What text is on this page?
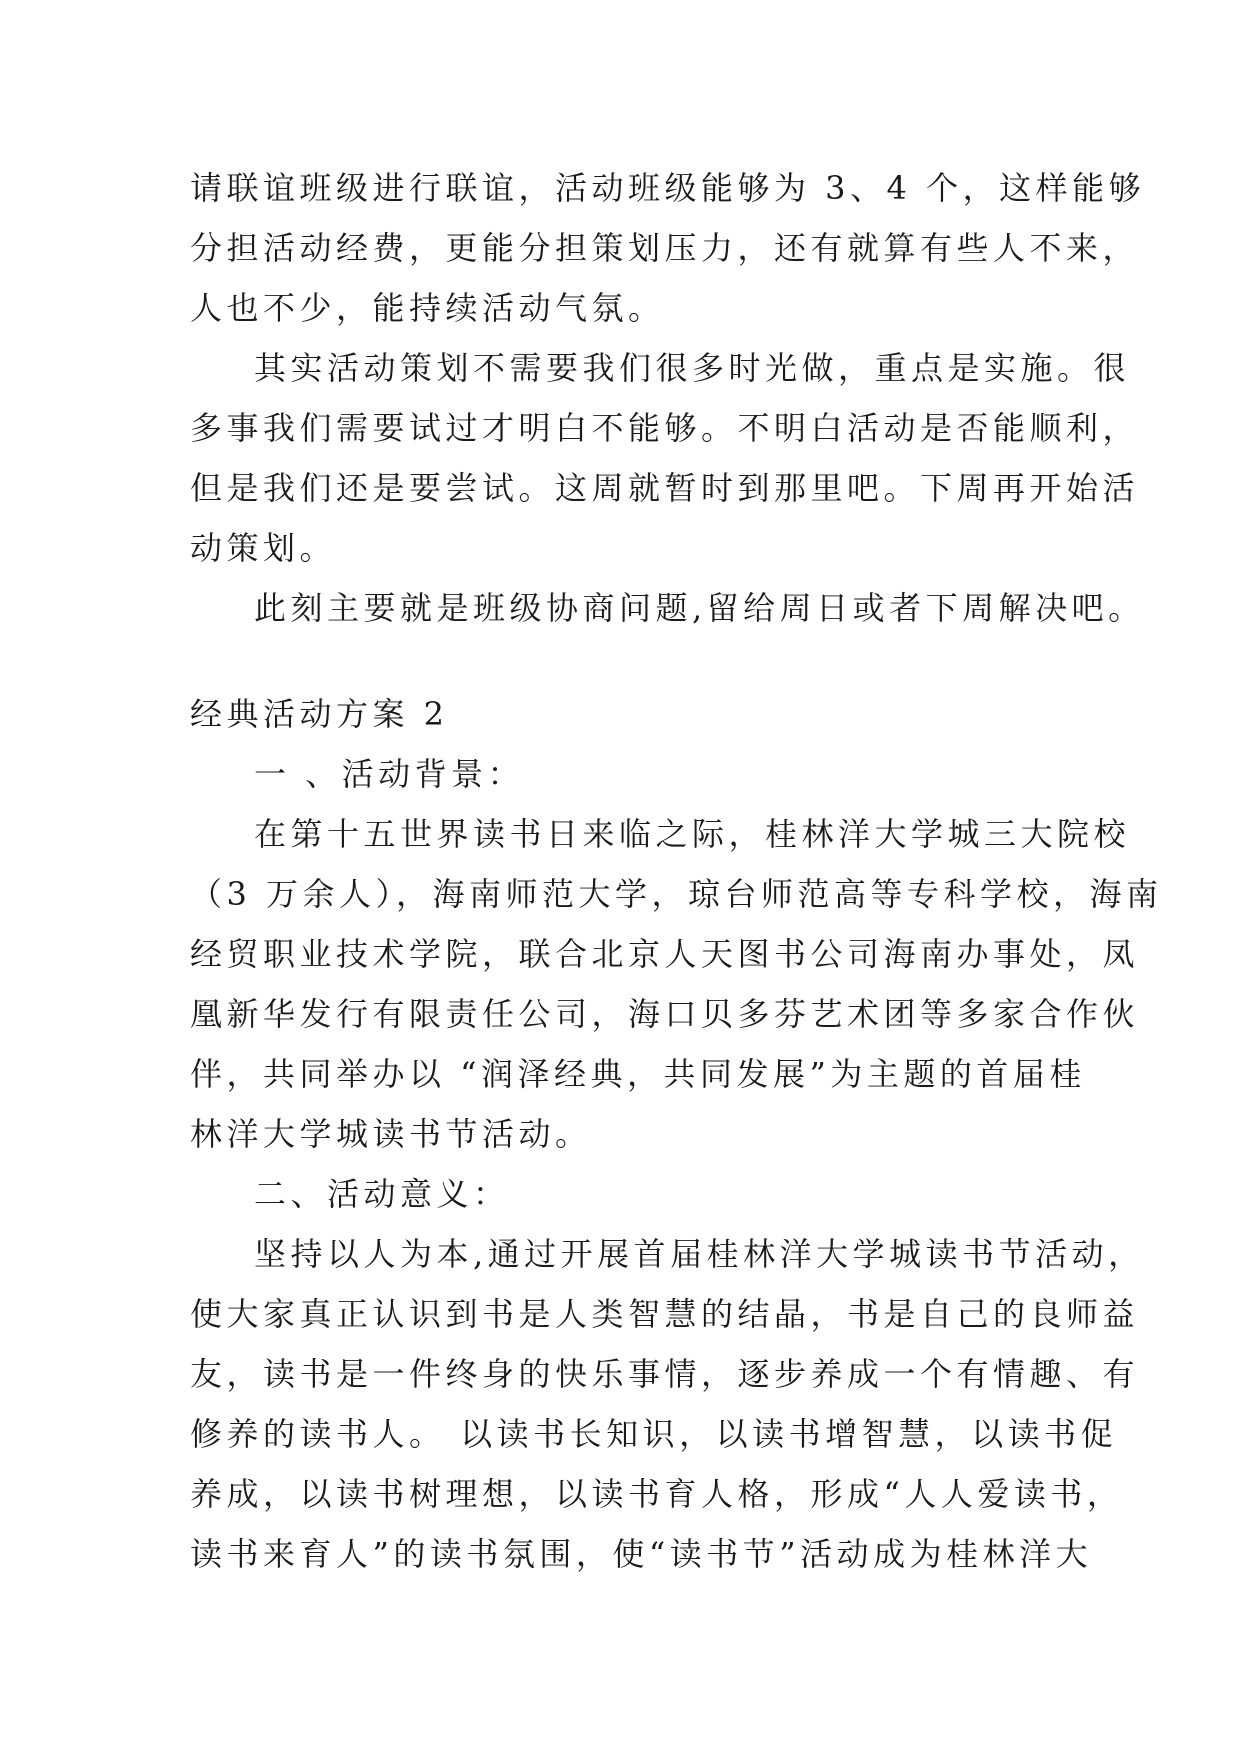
请联谊班级进行联谊，活动班级能够为 3、4 个，这样能够
分担活动经费，更能分担策划压力，还有就算有些人不来，
人也不少，能持续活动气氛。
其实活动策划不需要我们很多时光做，重点是实施。很
多事我们需要试过才明白不能够。不明白活动是否能顺利，
但是我们还是要尝试。这周就暂时到那里吧。下周再开始活
动策划。
此刻主要就是班级协商问题,留给周日或者下周解决吧。
经典活动方案 2
一 、活动背景：
在第十五世界读书日来临之际，桂林洋大学城三大院校
（3 万余人），海南师范大学，琼台师范高等专科学校，海南
经贸职业技术学院，联合北京人天图书公司海南办事处，凤
凰新华发行有限责任公司，海口贝多芬艺术团等多家合作伙
伴，共同举办以 “润泽经典，共同发展”为主题的首届桂
林洋大学城读书节活动。
二、活动意义：
坚持以人为本,通过开展首届桂林洋大学城读书节活动，
使大家真正认识到书是人类智慧的结晶，书是自己的良师益
友，读书是一件终身的快乐事情，逐步养成一个有情趣、有
修养的读书人。 以读书长知识，以读书增智慧，以读书促
养成，以读书树理想，以读书育人格，形成“人人爱读书，
读书来育人”的读书氛围，使“读书节”活动成为桂林洋大
